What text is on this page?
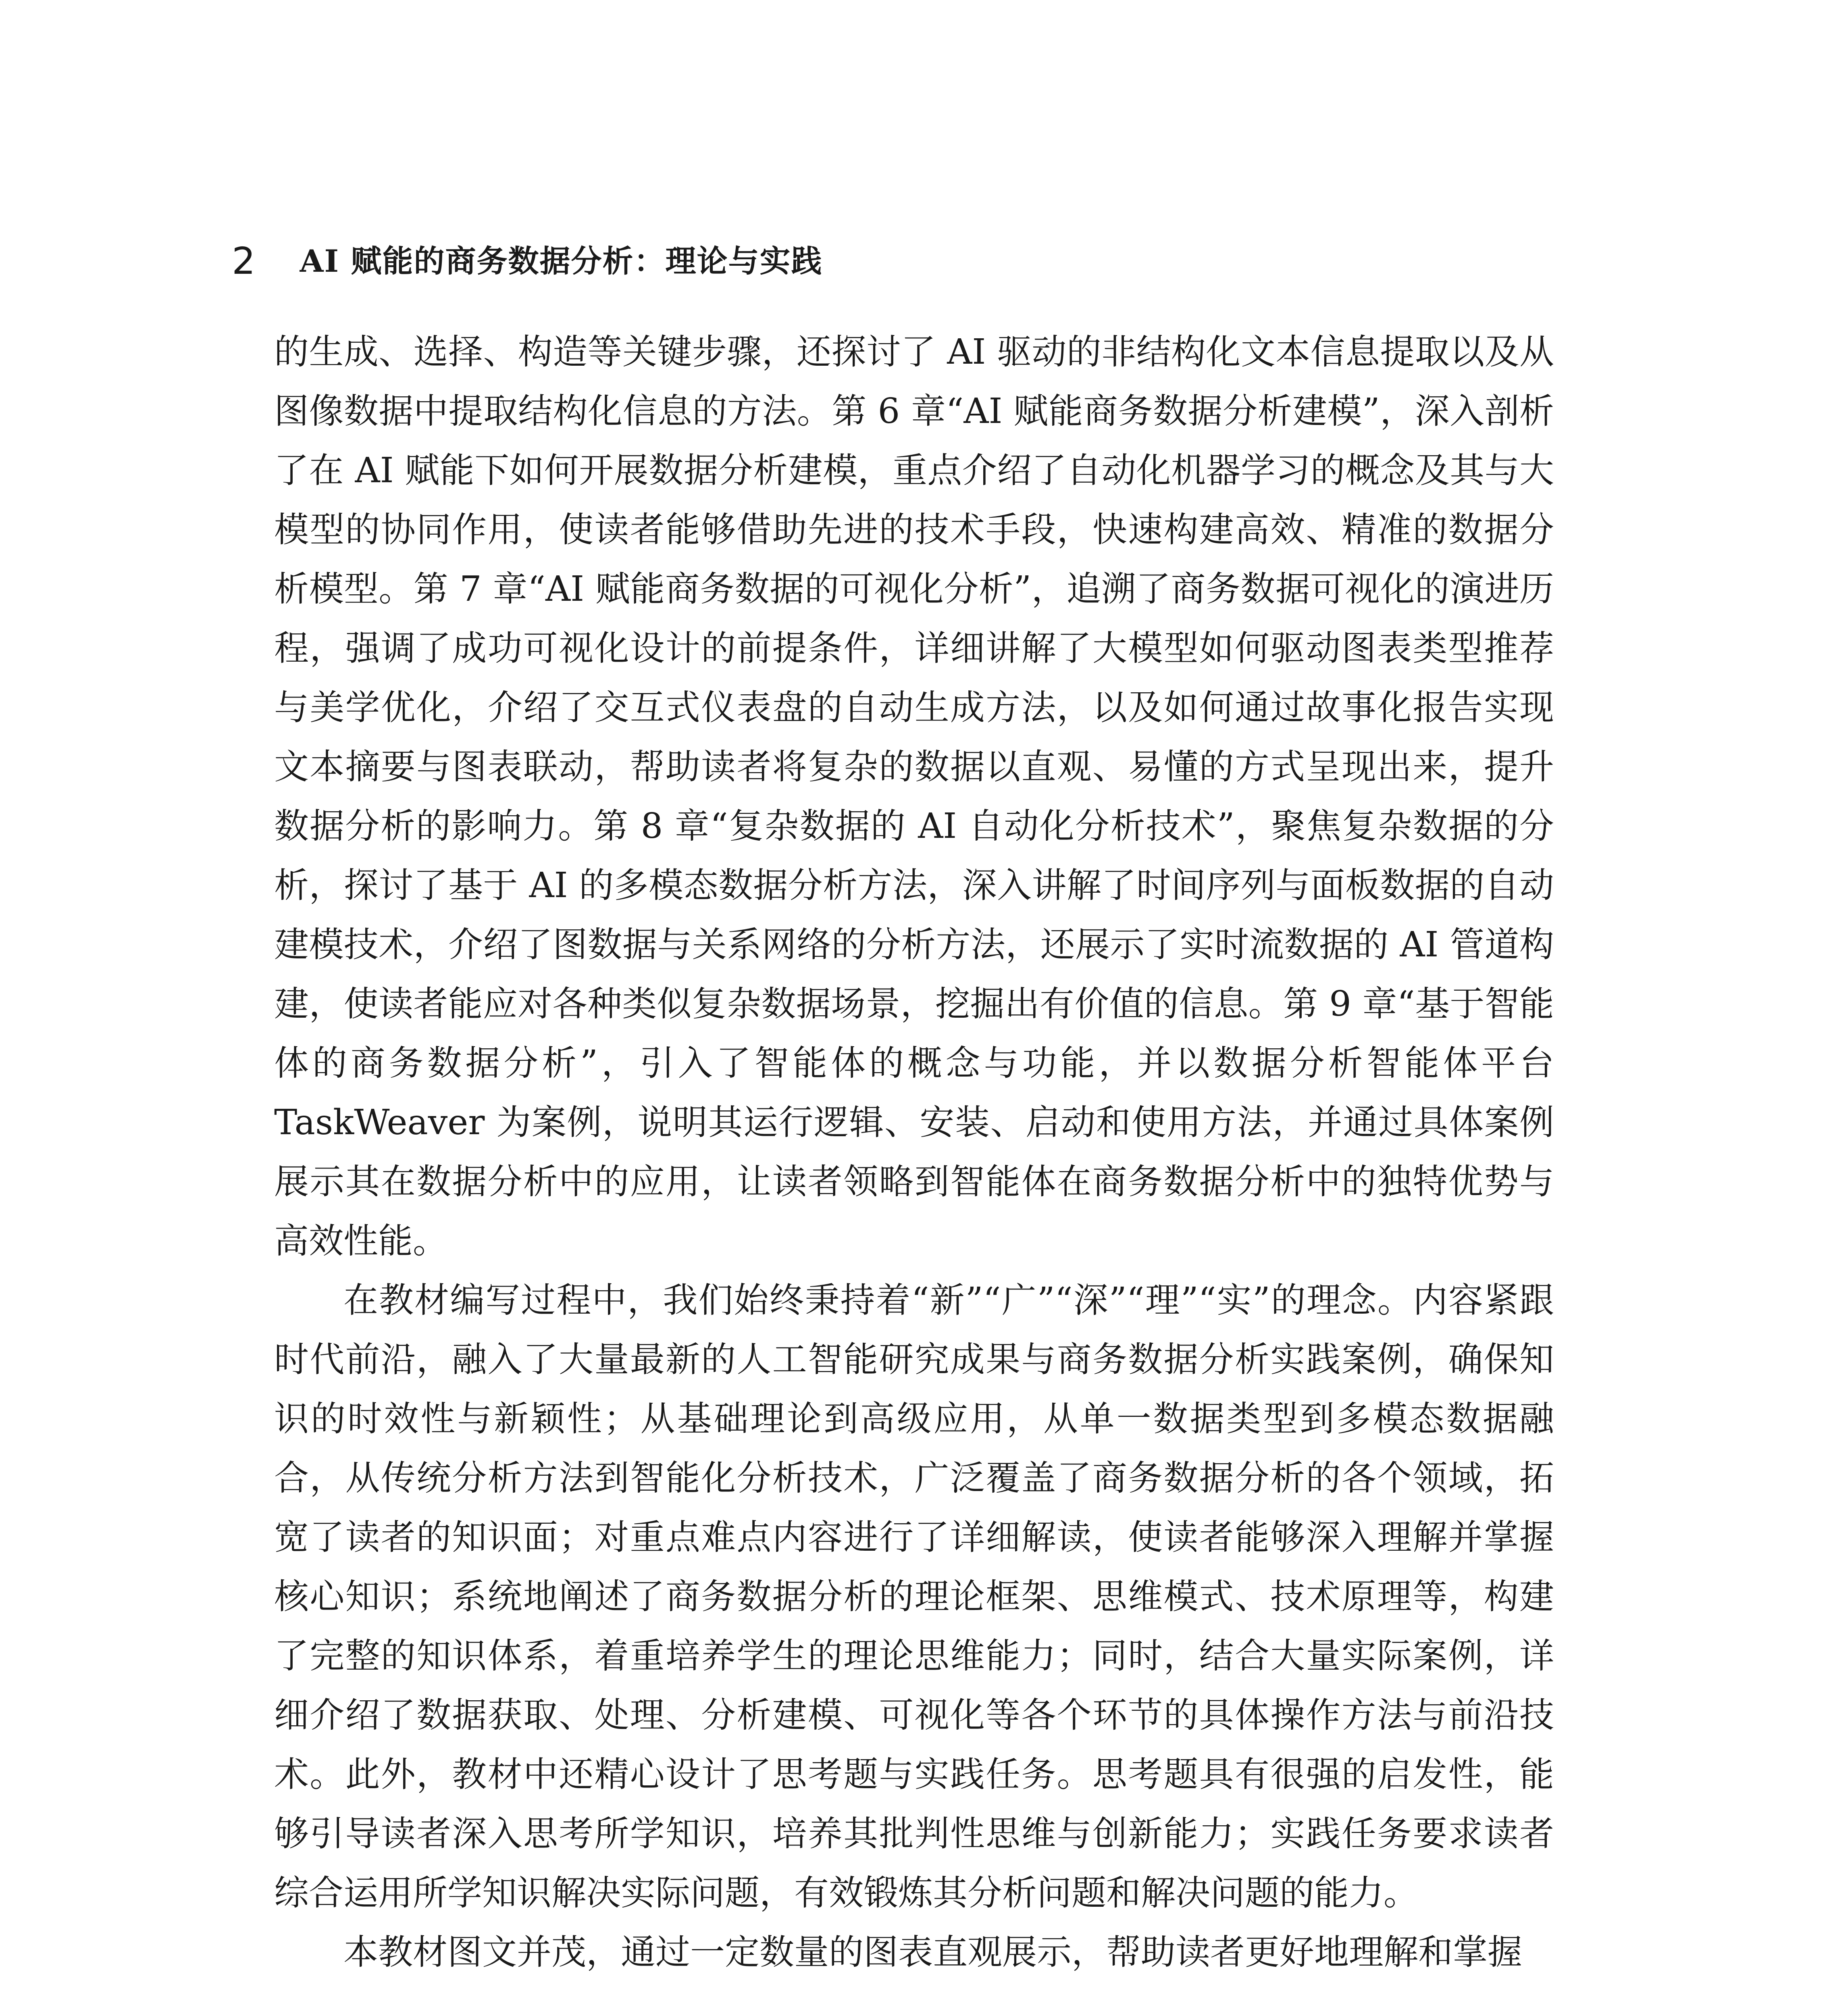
2 AI 赋能的商务数据分析：理论与实践

的生成、选择、构造等关键步骤，还探讨了 AI 驱动的非结构化文本信息提取以及从图像数据中提取结构化信息的方法。第 6 章“AI 赋能商务数据分析建模”，深入剖析了在 AI 赋能下如何开展数据分析建模，重点介绍了自动化机器学习的概念及其与大模型的协同作用，使读者能够借助先进的技术手段，快速构建高效、精准的数据分析模型。第 7 章“AI 赋能商务数据的可视化分析”，追溯了商务数据可视化的演进历程，强调了成功可视化设计的前提条件，详细讲解了大模型如何驱动图表类型推荐与美学优化，介绍了交互式仪表盘的自动生成方法，以及如何通过故事化报告实现文本摘要与图表联动，帮助读者将复杂的数据以直观、易懂的方式呈现出来，提升数据分析的影响力。第 8 章“复杂数据的 AI 自动化分析技术”，聚焦复杂数据的分析，探讨了基于 AI 的多模态数据分析方法，深入讲解了时间序列与面板数据的自动建模技术，介绍了图数据与关系网络的分析方法，还展示了实时流数据的 AI 管道构建，使读者能应对各种类似复杂数据场景，挖掘出有价值的信息。第 9 章“基于智能体的商务数据分析”，引入了智能体的概念与功能，并以数据分析智能体平台 TaskWeaver 为案例，说明其运行逻辑、安装、启动和使用方法，并通过具体案例展示其在数据分析中的应用，让读者领略到智能体在商务数据分析中的独特优势与高效性能。

在教材编写过程中，我们始终秉持着“新”“广”“深”“理”“实”的理念。内容紧跟时代前沿，融入了大量最新的人工智能研究成果与商务数据分析实践案例，确保知识的时效性与新颖性；从基础理论到高级应用，从单一数据类型到多模态数据融合，从传统分析方法到智能化分析技术，广泛覆盖了商务数据分析的各个领域，拓宽了读者的知识面；对重点难点内容进行了详细解读，使读者能够深入理解并掌握核心知识；系统地阐述了商务数据分析的理论框架、思维模式、技术原理等，构建了完整的知识体系，着重培养学生的理论思维能力；同时，结合大量实际案例，详细介绍了数据获取、处理、分析建模、可视化等各个环节的具体操作方法与前沿技术。此外，教材中还精心设计了思考题与实践任务。思考题具有很强的启发性，能够引导读者深入思考所学知识，培养其批判性思维与创新能力；实践任务要求读者综合运用所学知识解决实际问题，有效锻炼其分析问题和解决问题的能力。

本教材图文并茂，通过一定数量的图表直观展示，帮助读者更好地理解和掌握
